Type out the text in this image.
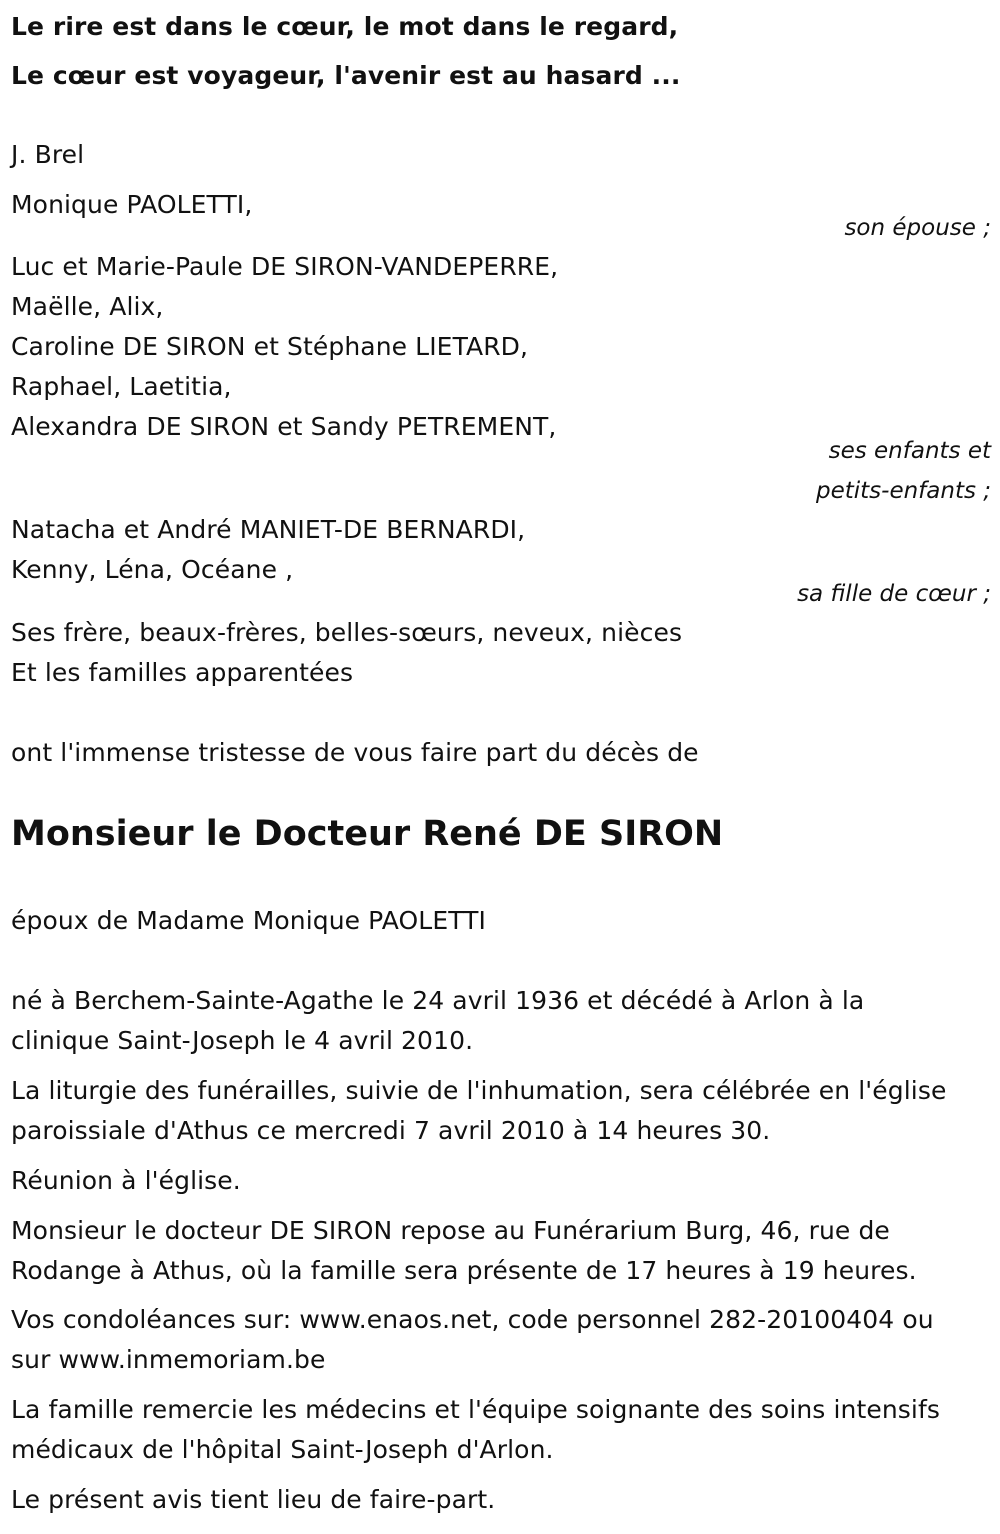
Le rire est dans le cœur, le mot dans le regard,
Le cœur est voyageur, l'avenir est au hasard ...
J. Brel
Monique PAOLETTI,
son épouse ;
Luc et Marie-Paule DE SIRON-VANDEPERRE,
Maëlle, Alix,
Caroline DE SIRON et Stéphane LIETARD,
Raphael, Laetitia,
Alexandra DE SIRON et Sandy PETREMENT,
ses enfants et
petits-enfants ;
Natacha et André MANIET-DE BERNARDI,
Kenny, Léna, Océane ,
sa fille de cœur ;
Ses frère, beaux-frères, belles-sœurs, neveux, nièces
Et les familles apparentées
ont l'immense tristesse de vous faire part du décès de
Monsieur le Docteur René DE SIRON
époux de Madame Monique PAOLETTI
né à Berchem-Sainte-Agathe le 24 avril 1936 et décédé à Arlon à la
clinique Saint-Joseph le 4 avril 2010.
La liturgie des funérailles, suivie de l'inhumation, sera célébrée en l'église
paroissiale d'Athus ce mercredi 7 avril 2010 à 14 heures 30.
Réunion à l'église.
Monsieur le docteur DE SIRON repose au Funérarium Burg, 46, rue de
Rodange à Athus, où la famille sera présente de 17 heures à 19 heures.
Vos condoléances sur: www.enaos.net, code personnel 282-20100404 ou
sur www.inmemoriam.be
La famille remercie les médecins et l'équipe soignante des soins intensifs
médicaux de l'hôpital Saint-Joseph d'Arlon.
Le présent avis tient lieu de faire-part.
